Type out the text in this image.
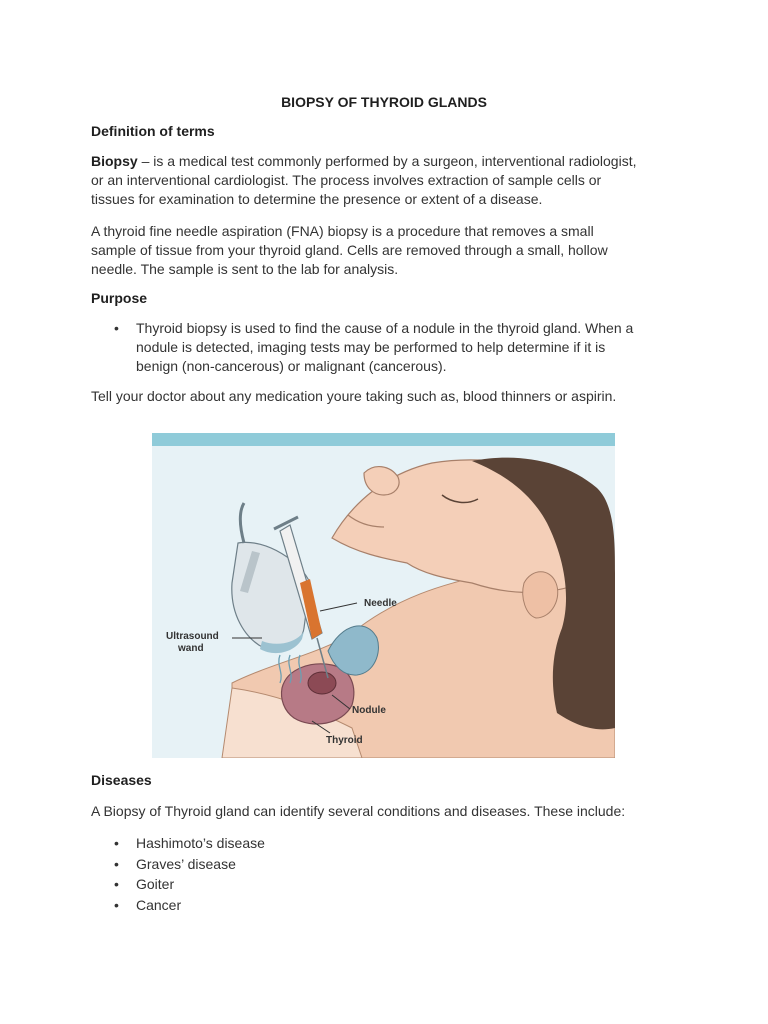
BIOPSY OF THYROID GLANDS
Definition of terms
Biopsy – is a medical test commonly performed by a surgeon, interventional radiologist,
or an interventional cardiologist. The process involves extraction of sample cells or
tissues for examination to determine the presence or extent of a disease.
A thyroid fine needle aspiration (FNA) biopsy is a procedure that removes a small
sample of tissue from your thyroid gland. Cells are removed through a small, hollow
needle. The sample is sent to the lab for analysis.
Purpose
• Thyroid biopsy is used to find the cause of a nodule in the thyroid gland. When a
nodule is detected, imaging tests may be performed to help determine if it is
benign (non-cancerous) or malignant (cancerous).
Tell your doctor about any medication youre taking such as, blood thinners or aspirin.
Needle
Ultrasound
wand
Nodule
Thyroid
Diseases
A Biopsy of Thyroid gland can identify several conditions and diseases. These include:
• Hashimoto’s disease
• Graves’ disease
• Goiter
• Cancer
